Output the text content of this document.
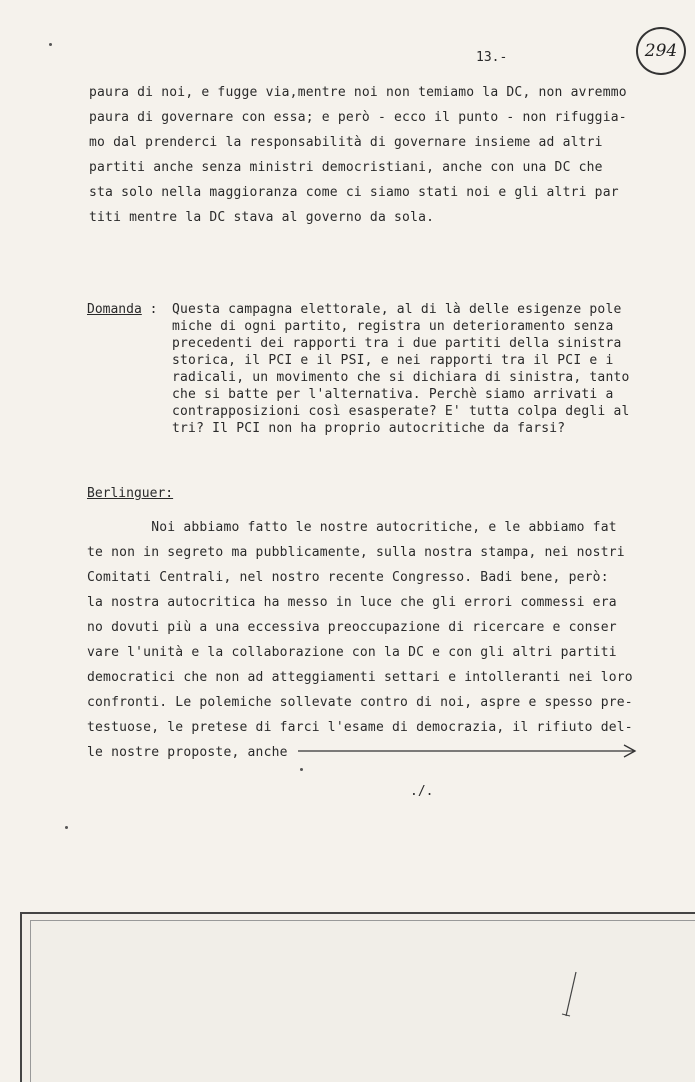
13.-	294
paura di noi, e fugge via,mentre noi non temiamo la DC, non avremmo
paura di governare con essa; e però - ecco il punto - non rifuggia-
mo dal prenderci la responsabilità di governare insieme ad altri
partiti anche senza ministri democristiani, anche con una DC che
sta solo nella maggioranza come ci siamo stati noi e gli altri par
titi mentre la DC stava al governo da sola.
Domanda : Questa campagna elettorale, al di là delle esigenze pole
miche di ogni partito, registra un deterioramento senza
precedenti dei rapporti tra i due partiti della sinistra
storica, il PCI e il PSI, e nei rapporti tra il PCI e i
radicali, un movimento che si dichiara di sinistra, tanto
che si batte per l'alternativa. Perchè siamo arrivati a
contrapposizioni così esasperate? E' tutta colpa degli al
tri? Il PCI non ha proprio autocritiche da farsi?
Berlinguer:
Noi abbiamo fatto le nostre autocritiche, e le abbiamo fat
te non in segreto ma pubblicamente, sulla nostra stampa, nei nostri
Comitati Centrali, nel nostro recente Congresso. Badi bene, però:
la nostra autocritica ha messo in luce che gli errori commessi era
no dovuti più a una eccessiva preoccupazione di ricercare e conser
vare l'unità e la collaborazione con la DC e con gli altri partiti
democratici che non ad atteggiamenti settari e intolleranti nei loro
confronti. Le polemiche sollevate contro di noi, aspre e spesso pre-
testuose, le pretese di farci l'esame di democrazia, il rifiuto del-
le nostre proposte, anche
./.
